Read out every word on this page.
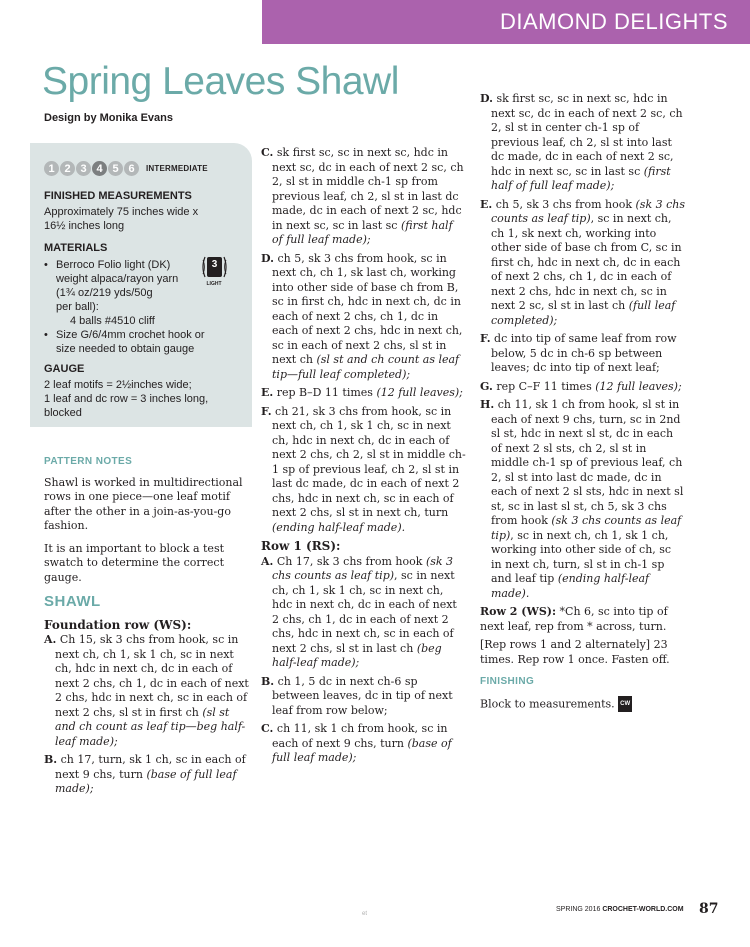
DIAMOND DELIGHTS
Spring Leaves Shawl
Design by Monika Evans
1 2 3 4 5 6	INTERMEDIATE
FINISHED MEASUREMENTS
Approximately 75 inches wide x
16½ inches long
MATERIALS
• Berroco Folio light (DK)
weight alpaca/rayon yarn
(1¾ oz/219 yds/50g
per ball):
4 balls #4510 cliff
• Size G/6/4mm crochet hook or
size needed to obtain gauge
3
LIGHT
GAUGE
2 leaf motifs = 2½inches wide;
1 leaf and dc row = 3 inches long,
blocked

PATTERN NOTES

Shawl is worked in multidirectional rows in one piece—one leaf motif after the other in a join-as-you-go fashion.

It is an important to block a test swatch to determine the correct gauge.

SHAWL

Foundation row (WS):

A. Ch 15, sk 3 chs from hook, sc in next ch, ch 1, sk 1 ch, sc in next ch, hdc in next ch, dc in each of next 2 chs, ch 1, dc in each of next 2 chs, hdc in next ch, sc in each of next 2 chs, sl st in first ch (sl st and ch count as leaf tip—beg half-leaf made);

B. ch 17, turn, sk 1 ch, sc in each of next 9 chs, turn (base of full leaf made);

C. sk first sc, sc in next sc, hdc in next sc, dc in each of next 2 sc, ch 2, sl st in middle ch-1 sp from previous leaf, ch 2, sl st in last dc made, dc in each of next 2 sc, hdc in next sc, sc in last sc (first half of full leaf made);

D. ch 5, sk 3 chs from hook, sc in next ch, ch 1, sk last ch, working into other side of base ch from B, sc in first ch, hdc in next ch, dc in each of next 2 chs, ch 1, dc in each of next 2 chs, hdc in next ch, sc in each of next 2 chs, sl st in next ch (sl st and ch count as leaf tip—full leaf completed);

E. rep B–D 11 times (12 full leaves);

F. ch 21, sk 3 chs from hook, sc in next ch, ch 1, sk 1 ch, sc in next ch, hdc in next ch, dc in each of next 2 chs, ch 2, sl st in middle ch-1 sp of previous leaf, ch 2, sl st in last dc made, dc in each of next 2 chs, hdc in next ch, sc in each of next 2 chs, sl st in next ch, turn (ending half-leaf made).

Row 1 (RS):

A. Ch 17, sk 3 chs from hook (sk 3 chs counts as leaf tip), sc in next ch, ch 1, sk 1 ch, sc in next ch, hdc in next ch, dc in each of next 2 chs, ch 1, dc in each of next 2 chs, hdc in next ch, sc in each of next 2 chs, sl st in last ch (beg half-leaf made);

B. ch 1, 5 dc in next ch-6 sp between leaves, dc in tip of next leaf from row below;

C. ch 11, sk 1 ch from hook, sc in each of next 9 chs, turn (base of full leaf made);

D. sk first sc, sc in next sc, hdc in next sc, dc in each of next 2 sc, ch 2, sl st in center ch-1 sp of previous leaf, ch 2, sl st into last dc made, dc in each of next 2 sc, hdc in next sc, sc in last sc (first half of full leaf made);

E. ch 5, sk 3 chs from hook (sk 3 chs counts as leaf tip), sc in next ch, ch 1, sk next ch, working into other side of base ch from C, sc in first ch, hdc in next ch, dc in each of next 2 chs, ch 1, dc in each of next 2 chs, hdc in next ch, sc in next 2 sc, sl st in last ch (full leaf completed);

F. dc into tip of same leaf from row below, 5 dc in ch-6 sp between leaves; dc into tip of next leaf;

G. rep C–F 11 times (12 full leaves);

H. ch 11, sk 1 ch from hook, sl st in each of next 9 chs, turn, sc in 2nd sl st, hdc in next sl st, dc in each of next 2 sl sts, ch 2, sl st in middle ch-1 sp of previous leaf, ch 2, sl st into last dc made, dc in each of next 2 sl sts, hdc in next sl st, sc in last sl st, ch 5, sk 3 chs from hook (sk 3 chs counts as leaf tip), sc in next ch, ch 1, sk 1 ch, working into other side of ch, sc in next ch, turn, sl st in ch-1 sp and leaf tip (ending half-leaf made).

Row 2 (WS): *Ch 6, sc into tip of next leaf, rep from * across, turn.

[Rep rows 1 and 2 alternately] 23 times. Rep row 1 once. Fasten off.

FINISHING

Block to measurements. CW

et
SPRING 2016 CROCHET-WORLD.COM 87
